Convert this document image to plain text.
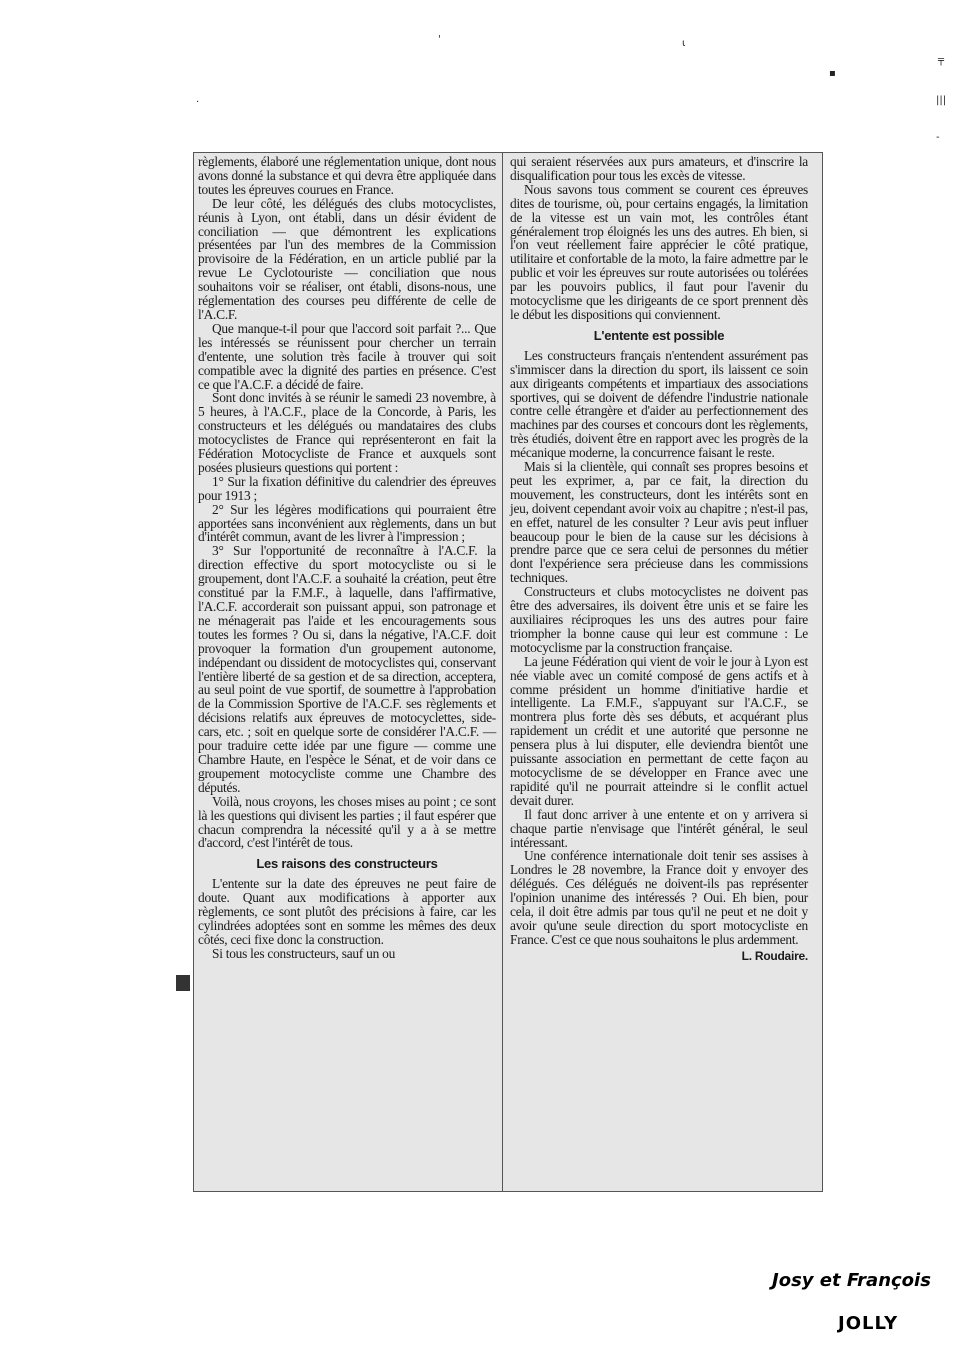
'	ι
▪
·
╤
|||
-

règlements, élaboré une réglementation unique, dont nous avons donné la substance et qui devra être appliquée dans toutes les épreuves courues en France.

De leur côté, les délégués des clubs motocyclistes, réunis à Lyon, ont établi, dans un désir évident de conciliation — que démontrent les explications présentées par l'un des membres de la Commission provisoire de la Fédération, en un article publié par la revue Le Cyclotouriste — conciliation que nous souhaitons voir se réaliser, ont établi, disons-nous, une réglementation des courses peu différente de celle de l'A.C.F.

Que manque-t-il pour que l'accord soit parfait ?... Que les intéressés se réunissent pour chercher un terrain d'entente, une solution très facile à trouver qui soit compatible avec la dignité des parties en présence. C'est ce que l'A.C.F. a décidé de faire.

Sont donc invités à se réunir le samedi 23 novembre, à 5 heures, à l'A.C.F., place de la Concorde, à Paris, les constructeurs et les délégués ou mandataires des clubs motocyclistes de France qui représenteront en fait la Fédération Motocycliste de France et auxquels sont posées plusieurs questions qui portent :

1° Sur la fixation définitive du calendrier des épreuves pour 1913 ;

2° Sur les légères modifications qui pourraient être apportées sans inconvénient aux règlements, dans un but d'intérêt commun, avant de les livrer à l'impression ;

3° Sur l'opportunité de reconnaître à l'A.C.F. la direction effective du sport motocycliste ou si le groupement, dont l'A.C.F. a souhaité la création, peut être constitué par la F.M.F., à laquelle, dans l'affirmative, l'A.C.F. accorderait son puissant appui, son patronage et ne ménagerait pas l'aide et les encouragements sous toutes les formes ? Ou si, dans la négative, l'A.C.F. doit provoquer la formation d'un groupement autonome, indépendant ou dissident de motocyclistes qui, conservant l'entière liberté de sa gestion et de sa direction, acceptera, au seul point de vue sportif, de soumettre à l'approbation de la Commission Sportive de l'A.C.F. ses règlements et décisions relatifs aux épreuves de motocyclettes, side-cars, etc. ; soit en quelque sorte de considérer l'A.C.F. — pour traduire cette idée par une figure — comme une Chambre Haute, en l'espèce le Sénat, et de voir dans ce groupement motocycliste comme une Chambre des députés.

Voilà, nous croyons, les choses mises au point ; ce sont là les questions qui divisent les parties ; il faut espérer que chacun comprendra la nécessité qu'il y a à se mettre d'accord, c'est l'intérêt de tous.

Les raisons des constructeurs

L'entente sur la date des épreuves ne peut faire de doute. Quant aux modifications à apporter aux règlements, ce sont plutôt des précisions à faire, car les cylindrées adoptées sont en somme les mêmes des deux côtés, ceci fixe donc la construction.

Si tous les constructeurs, sauf un ou

qui seraient réservées aux purs amateurs, et d'inscrire la disqualification pour tous les excès de vitesse.

Nous savons tous comment se courent ces épreuves dites de tourisme, où, pour certains engagés, la limitation de la vitesse est un vain mot, les contrôles étant généralement trop éloignés les uns des autres. Eh bien, si l'on veut réellement faire apprécier le côté pratique, utilitaire et confortable de la moto, la faire admettre par le public et voir les épreuves sur route autorisées ou tolérées par les pouvoirs publics, il faut pour l'avenir du motocyclisme que les dirigeants de ce sport prennent dès le début les dispositions qui conviennent.

L'entente est possible

Les constructeurs français n'entendent assurément pas s'immiscer dans la direction du sport, ils laissent ce soin aux dirigeants compétents et impartiaux des associations sportives, qui se doivent de défendre l'industrie nationale contre celle étrangère et d'aider au perfectionnement des machines par des courses et concours dont les règlements, très étudiés, doivent être en rapport avec les progrès de la mécanique moderne, la concurrence faisant le reste.

Mais si la clientèle, qui connaît ses propres besoins et peut les exprimer, a, par ce fait, la direction du mouvement, les constructeurs, dont les intérêts sont en jeu, doivent cependant avoir voix au chapitre ; n'est-il pas, en effet, naturel de les consulter ? Leur avis peut influer beaucoup pour le bien de la cause sur les décisions à prendre parce que ce sera celui de personnes du métier dont l'expérience sera précieuse dans les commissions techniques.

Constructeurs et clubs motocyclistes ne doivent pas être des adversaires, ils doivent être unis et se faire les auxiliaires réciproques les uns des autres pour faire triompher la bonne cause qui leur est commune : Le motocyclisme par la construction française.

La jeune Fédération qui vient de voir le jour à Lyon est née viable avec un comité composé de gens actifs et à comme président un homme d'initiative hardie et intelligente. La F.M.F., s'appuyant sur l'A.C.F., se montrera plus forte dès ses débuts, et acquérant plus rapidement un crédit et une autorité que personne ne pensera plus à lui disputer, elle deviendra bientôt une puissante association en permettant de cette façon au motocyclisme de se développer en France avec une rapidité qu'il ne pourrait atteindre si le conflit actuel devait durer.

Il faut donc arriver à une entente et on y arrivera si chaque partie n'envisage que l'intérêt général, le seul intéressant.

Une conférence internationale doit tenir ses assises à Londres le 28 novembre, la France doit y envoyer des délégués. Ces délégués ne doivent-ils pas représenter l'opinion unanime des intéressés ? Oui. Eh bien, pour cela, il doit être admis par tous qu'il ne peut et ne doit y avoir qu'une seule direction du sport motocycliste en France. C'est ce que nous souhaitons le plus ardemment.

L. Roudaire.

Josy et François
JOLLY
